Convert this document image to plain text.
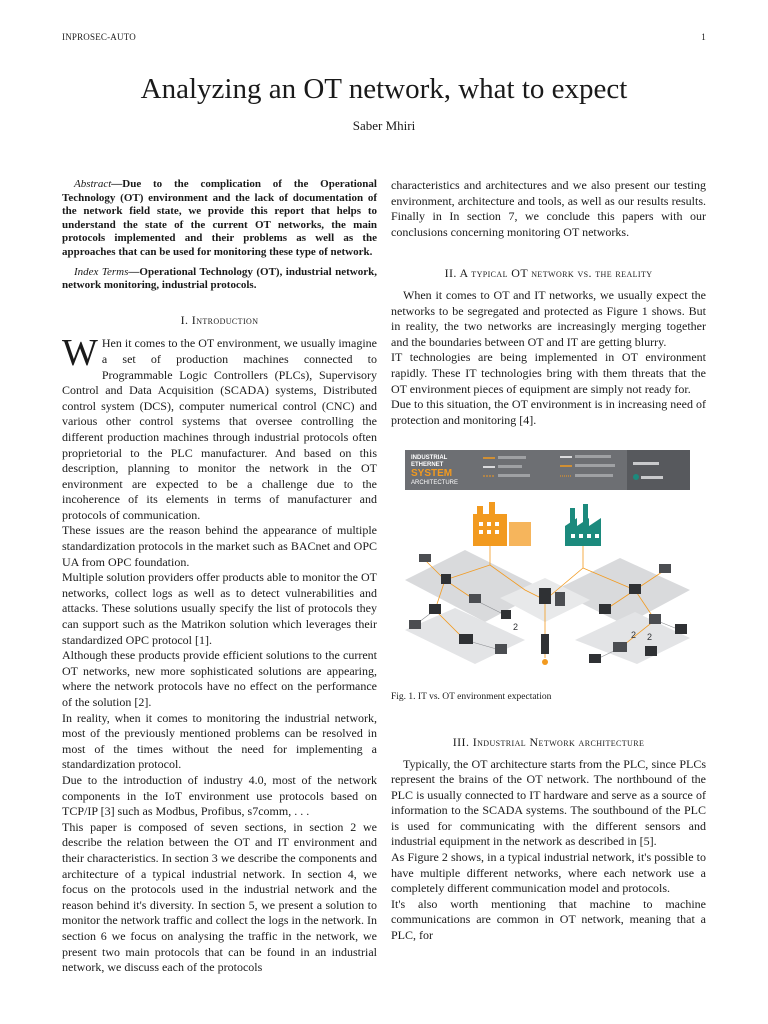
INPROSEC-AUTO	1
Analyzing an OT network, what to expect
Saber Mhiri

Abstract—Due to the complication of the Operational Technology (OT) environment and the lack of documentation of the network field state, we provide this report that helps to understand the state of the current OT networks, the main protocols implemented and their problems as well as the approaches that can be used for monitoring these type of network.

Index Terms—Operational Technology (OT), industrial network, network monitoring, industrial protocols.

I. Introduction

W Hen it comes to the OT environment, we usually imagine a set of production machines connected to Programmable Logic Controllers (PLCs), Supervisory Control and Data Acquisition (SCADA) systems, Distributed control system (DCS), computer numerical control (CNC) and various other control systems that oversee controlling the different production machines through industrial protocols often proprietorial to the PLC manufacturer. And based on this description, planning to monitor the network in the OT environment are expected to be a challenge due to the incoherence of its elements in terms of manufacturer and protocols of communication.

These issues are the reason behind the appearance of multiple standardization protocols in the market such as BACnet and OPC UA from OPC foundation.

Multiple solution providers offer products able to monitor the OT networks, collect logs as well as to detect vulnerabilities and attacks. These solutions usually specify the list of protocols they can support such as the Matrikon solution which leverages their standardized OPC protocol [1].

Although these products provide efficient solutions to the current OT networks, new more sophisticated solutions are appearing, where the network protocols have no effect on the performance of the solution [2].

In reality, when it comes to monitoring the industrial network, most of the previously mentioned problems can be resolved in most of the times without the need for implementing a standardization protocol.

Due to the introduction of industry 4.0, most of the network components in the IoT environment use protocols based on TCP/IP [3] such as Modbus, Profibus, s7comm, . . .

This paper is composed of seven sections, in section 2 we describe the relation between the OT and IT environment and their characteristics. In section 3 we describe the components and architecture of a typical industrial network. In section 4, we focus on the protocols used in the industrial network and the reason behind it's diversity. In section 5, we present a solution to monitor the network traffic and collect the logs in the network. In section 6 we focus on analysing the traffic in the network, we present two main protocols that can be found in an industrial network, we discuss each of the protocols

characteristics and architectures and we also present our testing environment, architecture and tools, as well as our results results. Finally in In section 7, we conclude this papers with our conclusions concerning monitoring OT networks.

II. A typical OT network vs. the reality

When it comes to OT and IT networks, we usually expect the networks to be segregated and protected as Figure 1 shows. But in reality, the two networks are increasingly merging together and the boundaries between OT and IT are getting blurry.

IT technologies are being implemented in OT environment rapidly. These IT technologies bring with them threats that the OT environment pieces of equipment are simply not ready for.

Due to this situation, the OT environment is in increasing need of protection and monitoring [4].

INDUSTRIAL
ETHERNET
SYSTEM
ARCHITECTURE
2
2 2
Fig. 1. IT vs. OT environment expectation
III. Industrial Network architecture

Typically, the OT architecture starts from the PLC, since PLCs represent the brains of the OT network. The northbound of the PLC is usually connected to IT hardware and serve as a source of information to the SCADA systems. The southbound of the PLC is used for communicating with the different sensors and industrial equipment in the network as described in [5].

As Figure 2 shows, in a typical industrial network, it's possible to have multiple different networks, where each network use a completely different communication model and protocols.

It's also worth mentioning that machine to machine communications are common in OT network, meaning that a PLC, for
